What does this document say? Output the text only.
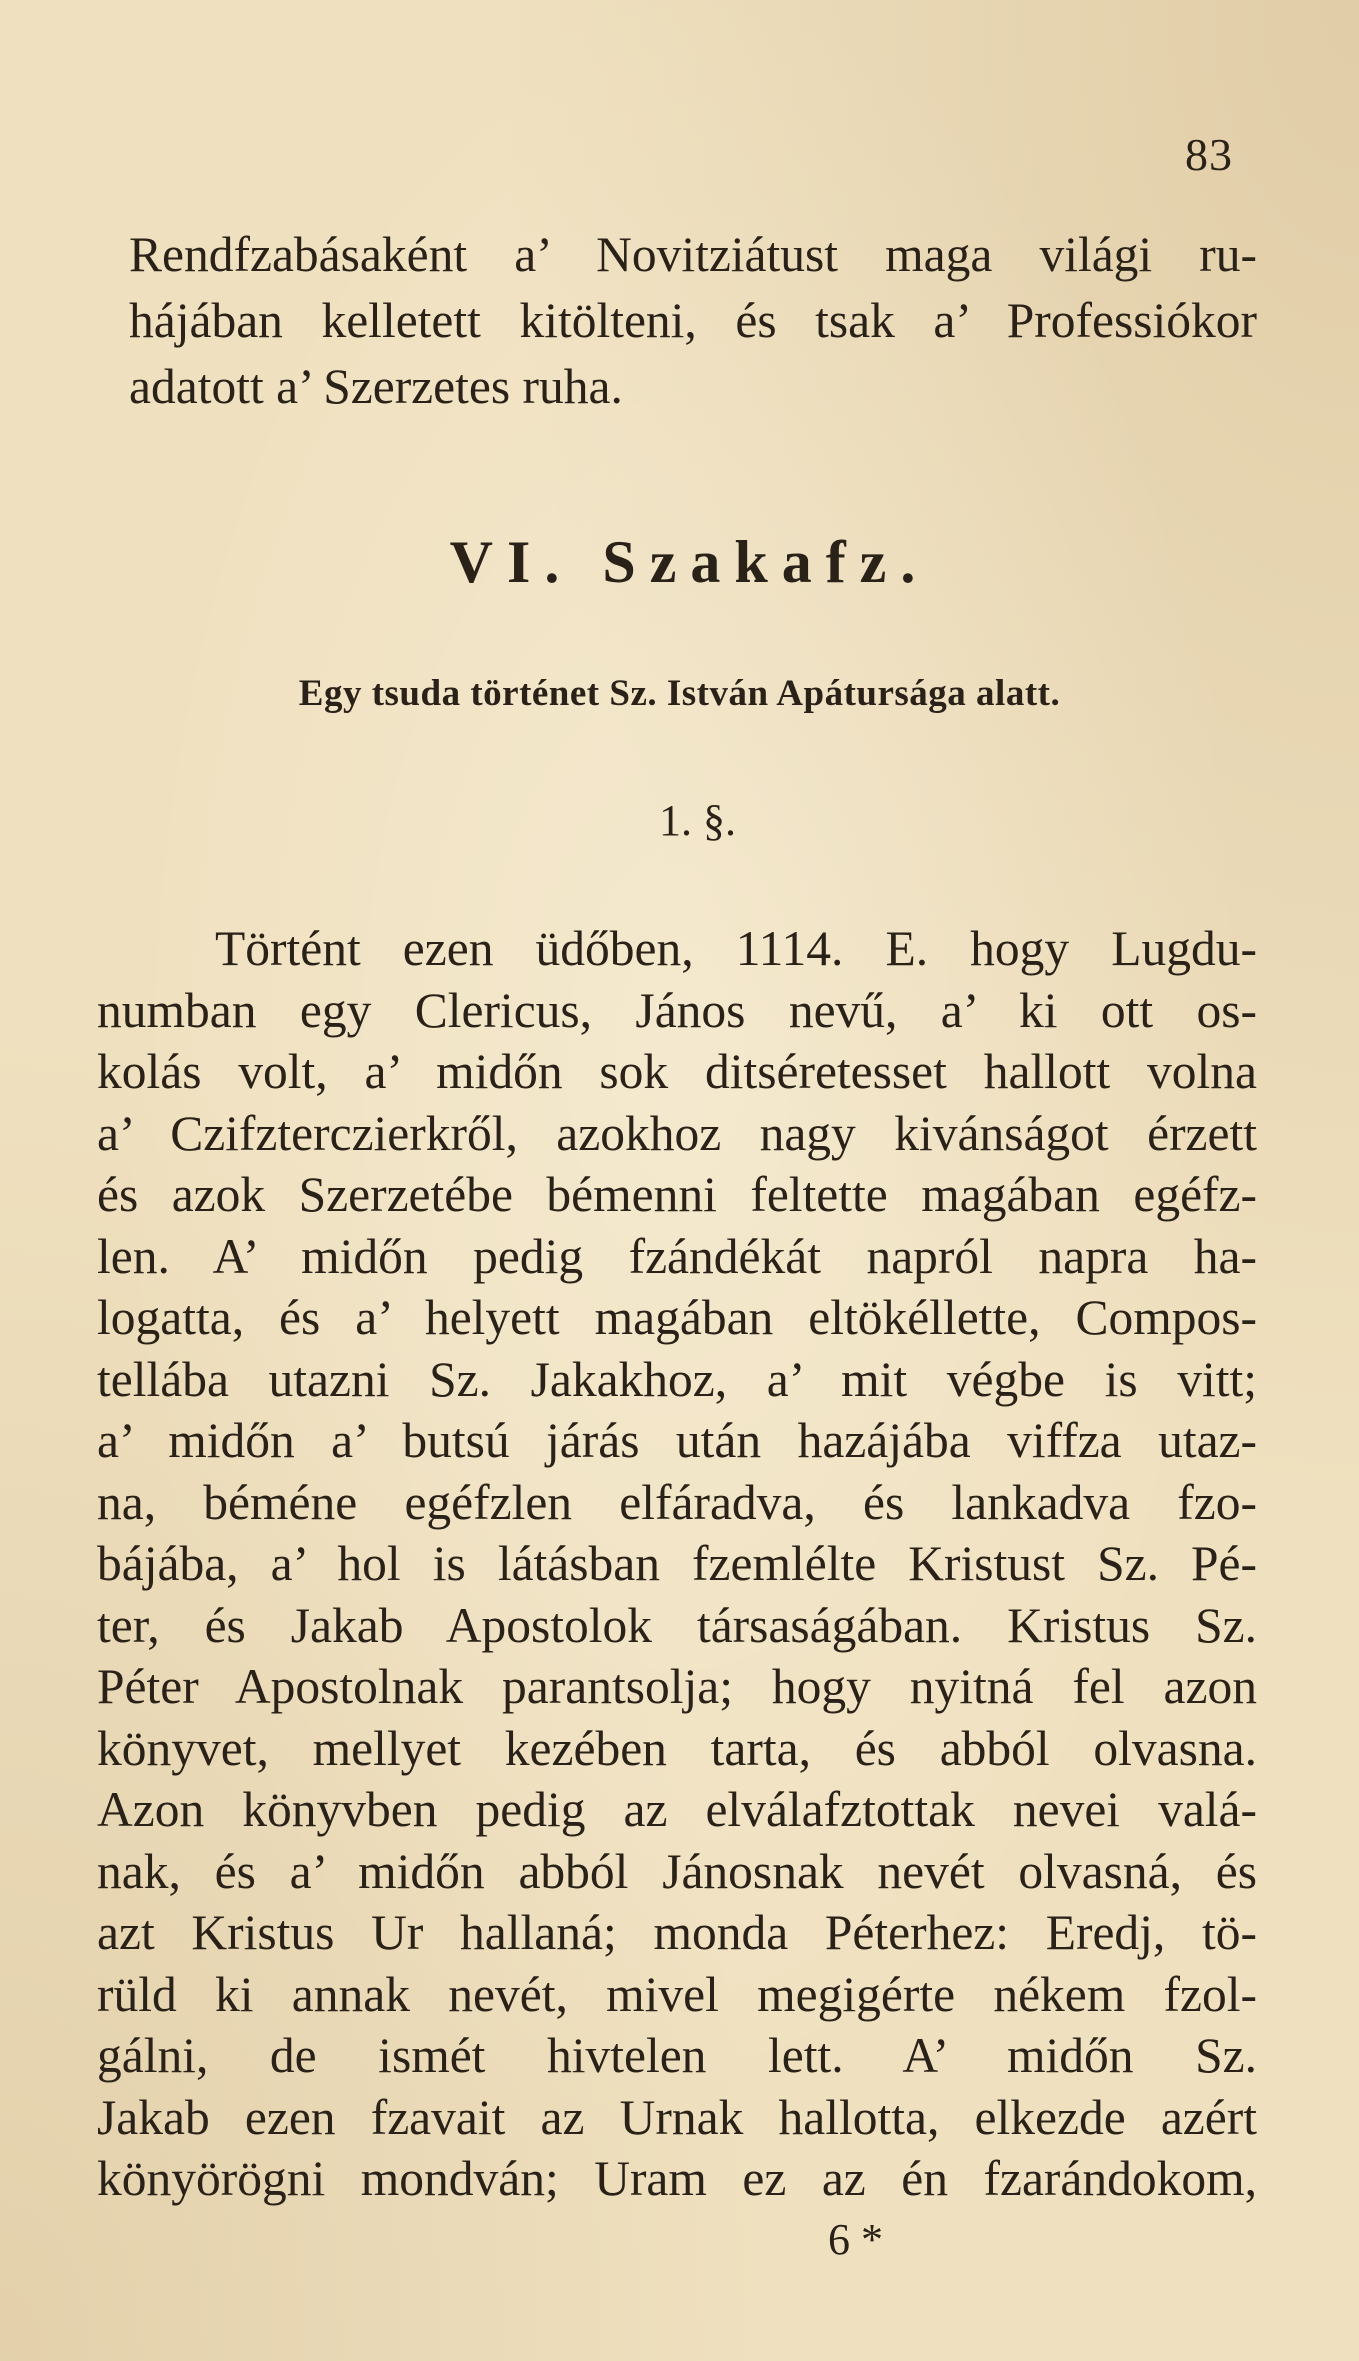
83

Rendfzabásaként a’ Novitziátust maga világi ru-
hájában kelletett kitölteni, és tsak a’ Professiókor
adatott a’ Szerzetes ruha.
VI. Szakafz.
Egy tsuda történet Sz. István Apátursága alatt.

1. §.

Történt ezen üdőben, 1114. E. hogy Lugdu-
numban egy Clericus, János nevű, a’ ki ott os-
kolás volt, a’ midőn sok ditséretesset hallott volna
a’ Czifzterczierkről, azokhoz nagy kivánságot érzett
és azok Szerzetébe bémenni feltette magában egéfz-
len. A’ midőn pedig fzándékát napról napra ha-
logatta, és a’ helyett magában eltökéllette, Compos-
tellába utazni Sz. Jakakhoz, a’ mit végbe is vitt;
a’ midőn a’ butsú járás után hazájába viffza utaz-
na, béméne egéfzlen elfáradva, és lankadva fzo-
bájába, a’ hol is látásban fzemlélte Kristust Sz. Pé-
ter, és Jakab Apostolok társaságában. Kristus Sz.
Péter Apostolnak parantsolja; hogy nyitná fel azon
könyvet, mellyet kezében tarta, és abból olvasna.
Azon könyvben pedig az elválafztottak nevei valá-
nak, és a’ midőn abból Jánosnak nevét olvasná, és
azt Kristus Ur hallaná; monda Péterhez: Eredj, tö-
rüld ki annak nevét, mivel megigérte nékem fzol-
gálni, de ismét hivtelen lett. A’ midőn Sz.
Jakab ezen fzavait az Urnak hallotta, elkezde azért
könyörögni mondván; Uram ez az én fzarándokom,

6 *
